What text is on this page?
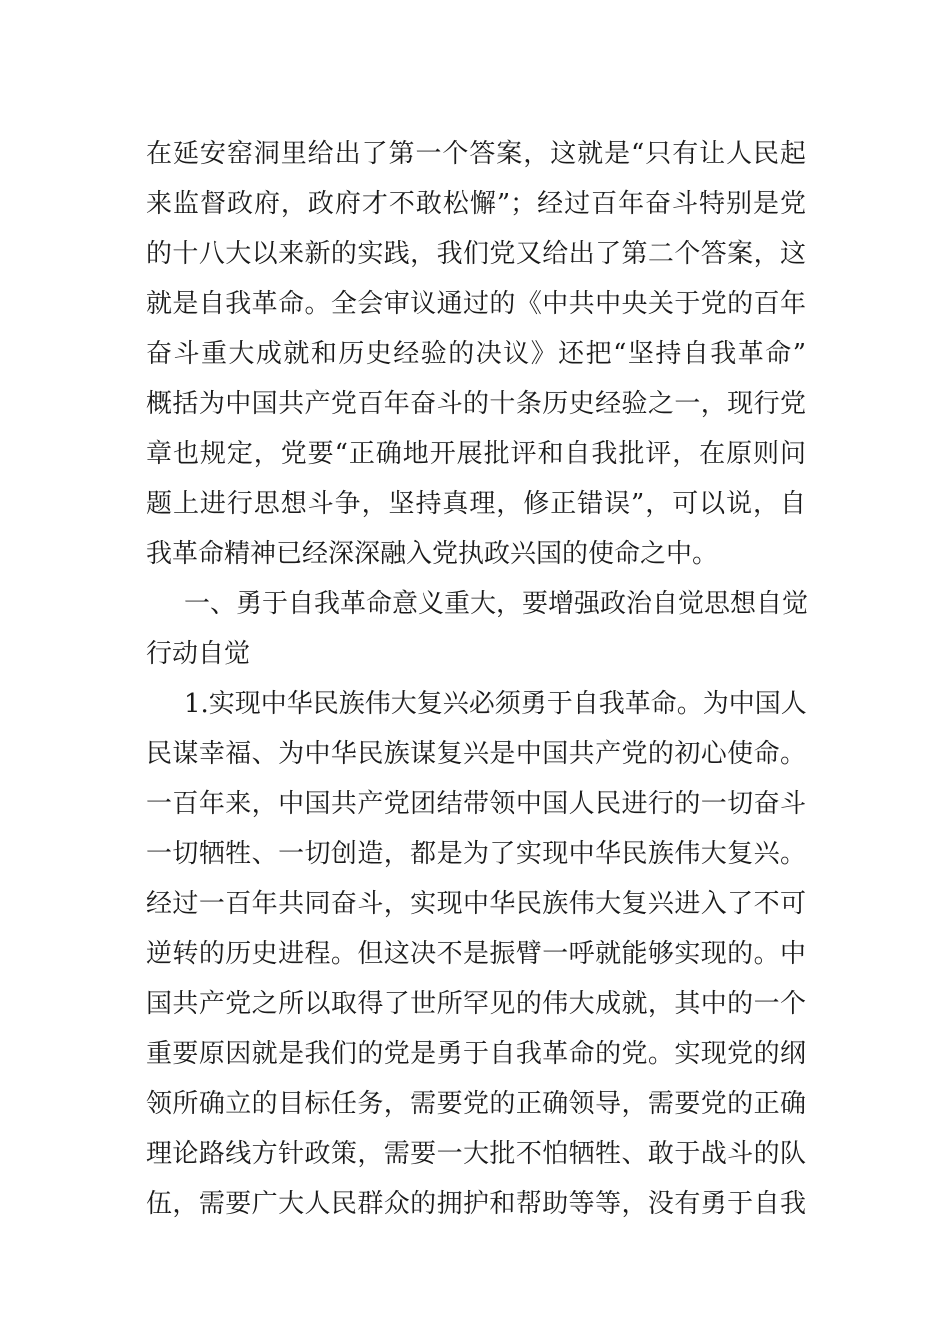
在延安窑洞里给出了第一个答案，这就是“只有让人民起
来监督政府，政府才不敢松懈”；经过百年奋斗特别是党
的十八大以来新的实践，我们党又给出了第二个答案，这
就是自我革命。全会审议通过的《中共中央关于党的百年
奋斗重大成就和历史经验的决议》还把“坚持自我革命”
概括为中国共产党百年奋斗的十条历史经验之一，现行党
章也规定，党要“正确地开展批评和自我批评，在原则问
题上进行思想斗争，坚持真理，修正错误”，可以说，自
我革命精神已经深深融入党执政兴国的使命之中。
一、勇于自我革命意义重大，要增强政治自觉思想自觉
行动自觉
1.实现中华民族伟大复兴必须勇于自我革命。为中国人
民谋幸福、为中华民族谋复兴是中国共产党的初心使命。
一百年来，中国共产党团结带领中国人民进行的一切奋斗
一切牺牲、一切创造，都是为了实现中华民族伟大复兴。
经过一百年共同奋斗，实现中华民族伟大复兴进入了不可
逆转的历史进程。但这决不是振臂一呼就能够实现的。中
国共产党之所以取得了世所罕见的伟大成就，其中的一个
重要原因就是我们的党是勇于自我革命的党。实现党的纲
领所确立的目标任务，需要党的正确领导，需要党的正确
理论路线方针政策，需要一大批不怕牺牲、敢于战斗的队
伍，需要广大人民群众的拥护和帮助等等，没有勇于自我
